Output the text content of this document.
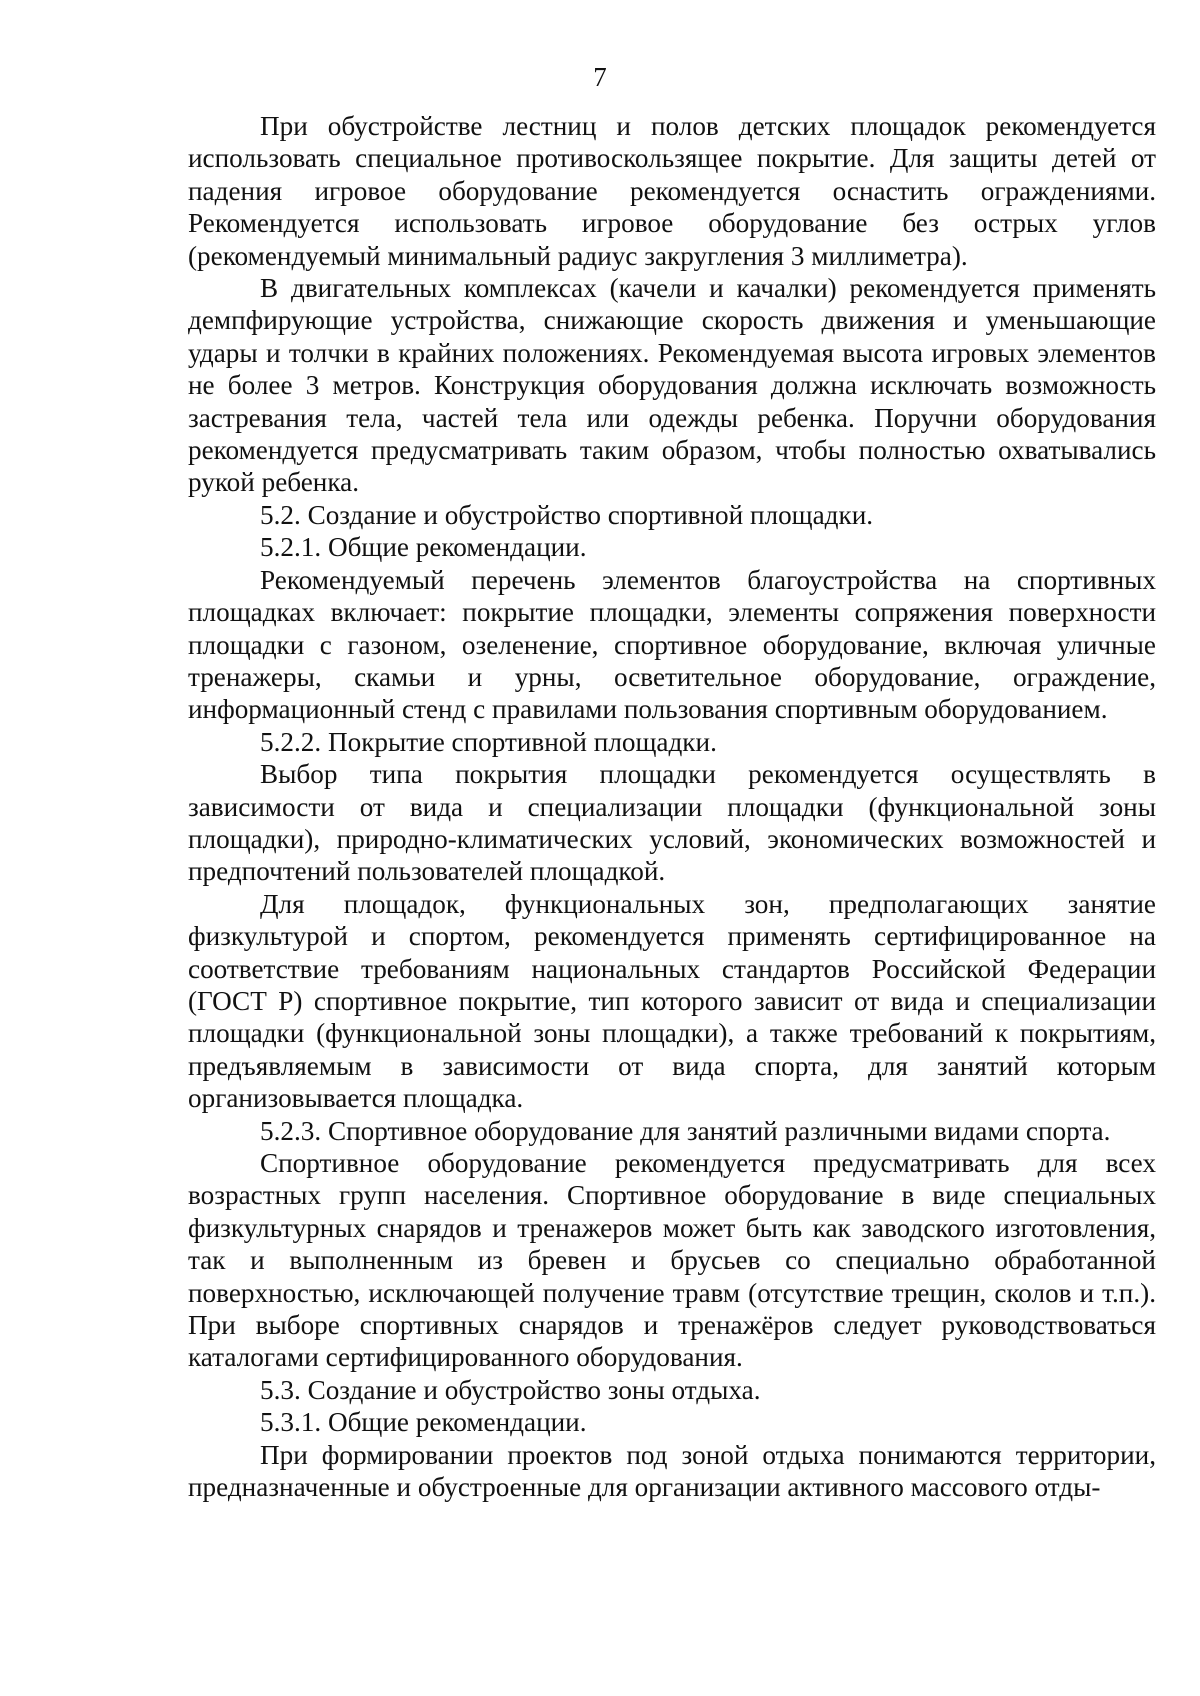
7

При обустройстве лестниц и полов детских площадок рекомендуется использовать специальное противоскользящее покрытие. Для защиты детей от падения игровое оборудование рекомендуется оснастить ограждениями. Рекомендуется использовать игровое оборудование без острых углов (рекомендуемый минимальный радиус закругления 3 миллиметра).

В двигательных комплексах (качели и качалки) рекомендуется применять демпфирующие устройства, снижающие скорость движения и уменьшающие удары и толчки в крайних положениях. Рекомендуемая высота игровых элементов не более 3 метров. Конструкция оборудования должна исключать возможность застревания тела, частей тела или одежды ребенка. Поручни оборудования рекомендуется предусматривать таким образом, чтобы полностью охватывались рукой ребенка.

5.2. Создание и обустройство спортивной площадки.

5.2.1. Общие рекомендации.

Рекомендуемый перечень элементов благоустройства на спортивных площадках включает: покрытие площадки, элементы сопряжения поверхности площадки с газоном, озеленение, спортивное оборудование, включая уличные тренажеры, скамьи и урны, осветительное оборудование, ограждение, информационный стенд с правилами пользования спортивным оборудованием.

5.2.2. Покрытие спортивной площадки.

Выбор типа покрытия площадки рекомендуется осуществлять в зависимости от вида и специализации площадки (функциональной зоны площадки), природно-климатических условий, экономических возможностей и предпочтений пользователей площадкой.

Для площадок, функциональных зон, предполагающих занятие физкультурой и спортом, рекомендуется применять сертифицированное на соответствие требованиям национальных стандартов Российской Федерации (ГОСТ Р) спортивное покрытие, тип которого зависит от вида и специализации площадки (функциональной зоны площадки), а также требований к покрытиям, предъявляемым в зависимости от вида спорта, для занятий которым организовывается площадка.

5.2.3. Спортивное оборудование для занятий различными видами спорта.

Спортивное оборудование рекомендуется предусматривать для всех возрастных групп населения. Спортивное оборудование в виде специальных физкультурных снарядов и тренажеров может быть как заводского изготовления, так и выполненным из бревен и брусьев со специально обработанной поверхностью, исключающей получение травм (отсутствие трещин, сколов и т.п.). При выборе спортивных снарядов и тренажёров следует руководствоваться каталогами сертифицированного оборудования.

5.3. Создание и обустройство зоны отдыха.

5.3.1. Общие рекомендации.

При формировании проектов под зоной отдыха понимаются территории, предназначенные и обустроенные для организации активного массового отды-
